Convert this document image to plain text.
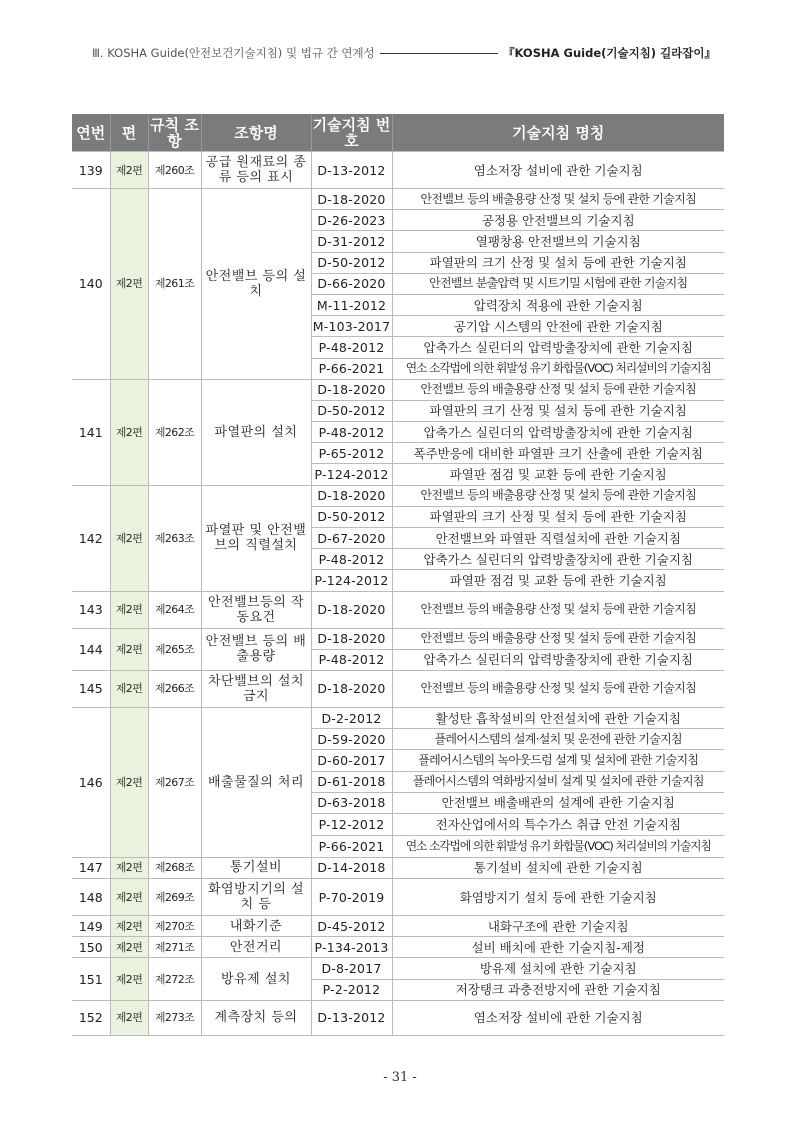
Ⅲ. KOSHA Guide(안전보건기술지침) 및 법규 간 연계성	『KOSHA Guide(기술지침) 길라잡이』
연번	편	규칙 조항	조항명	기술지침 번호	기술지침 명칭
139	제2편	제260조	공급 원재료의 종류 등의 표시	D-13-2012	염소저장 설비에 관한 기술지침
140	제2편	제261조	안전밸브 등의 설치	D-18-2020	안전밸브 등의 배출용량 산정 및 설치 등에 관한 기술지침
				D-26-2023	공정용 안전밸브의 기술지침
				D-31-2012	열팽창용 안전밸브의 기술지침
				D-50-2012	파열판의 크기 산정 및 설치 등에 관한 기술지침
				D-66-2020	안전밸브 분출압력 및 시트기밀 시험에 관한 기술지침
				M-11-2012	압력장치 적용에 관한 기술지침
				M-103-2017	공기압 시스템의 안전에 관한 기술지침
				P-48-2012	압축가스 실린더의 압력방출장치에 관한 기술지침
				P-66-2021	연소 소각법에 의한 휘발성 유기 화합물(VOC) 처리설비의 기술지침
141	제2편	제262조	파열판의 설치	D-18-2020	안전밸브 등의 배출용량 산정 및 설치 등에 관한 기술지침
				D-50-2012	파열판의 크기 산정 및 설치 등에 관한 기술지침
				P-48-2012	압축가스 실린더의 압력방출장치에 관한 기술지침
				P-65-2012	폭주반응에 대비한 파열판 크기 산출에 관한 기술지침
				P-124-2012	파열판 점검 및 교환 등에 관한 기술지침
142	제2편	제263조	파열판 및 안전밸브의 직렬설치	D-18-2020	안전밸브 등의 배출용량 산정 및 설치 등에 관한 기술지침
				D-50-2012	파열판의 크기 산정 및 설치 등에 관한 기술지침
				D-67-2020	안전밸브와 파열판 직렬설치에 관한 기술지침
				P-48-2012	압축가스 실린더의 압력방출장치에 관한 기술지침
				P-124-2012	파열판 점검 및 교환 등에 관한 기술지침
143	제2편	제264조	안전밸브등의 작동요건	D-18-2020	안전밸브 등의 배출용량 산정 및 설치 등에 관한 기술지침
144	제2편	제265조	안전밸브 등의 배출용량	D-18-2020	안전밸브 등의 배출용량 산정 및 설치 등에 관한 기술지침
				P-48-2012	압축가스 실린더의 압력방출장치에 관한 기술지침
145	제2편	제266조	차단밸브의 설치 금지	D-18-2020	안전밸브 등의 배출용량 산정 및 설치 등에 관한 기술지침
146	제2편	제267조	배출물질의 처리	D-2-2012	활성탄 흡착설비의 안전설치에 관한 기술지침
				D-59-2020	플레어시스템의 설계·설치 및 운전에 관한 기술지침
				D-60-2017	플레어시스템의 녹아웃드럼 설계 및 설치에 관한 기술지침
				D-61-2018	플레어시스템의 역화방지설비 설계 및 설치에 관한 기술지침
				D-63-2018	안전밸브 배출배관의 설계에 관한 기술지침
				P-12-2012	전자산업에서의 특수가스 취급 안전 기술지침
				P-66-2021	연소 소각법에 의한 휘발성 유기 화합물(VOC) 처리설비의 기술지침
147	제2편	제268조	통기설비	D-14-2018	통기설비 설치에 관한 기술지침
148	제2편	제269조	화염방지기의 설치 등	P-70-2019	화염방지기 설치 등에 관한 기술지침
149	제2편	제270조	내화기준	D-45-2012	내화구조에 관한 기술지침
150	제2편	제271조	안전거리	P-134-2013	설비 배치에 관한 기술지침-제정
151	제2편	제272조	방유제 설치	D-8-2017	방유제 설치에 관한 기술지침
				P-2-2012	저장탱크 과충전방지에 관한 기술지침
152	제2편	제273조	계측장치 등의	D-13-2012	염소저장 설비에 관한 기술지침
- 31 -
